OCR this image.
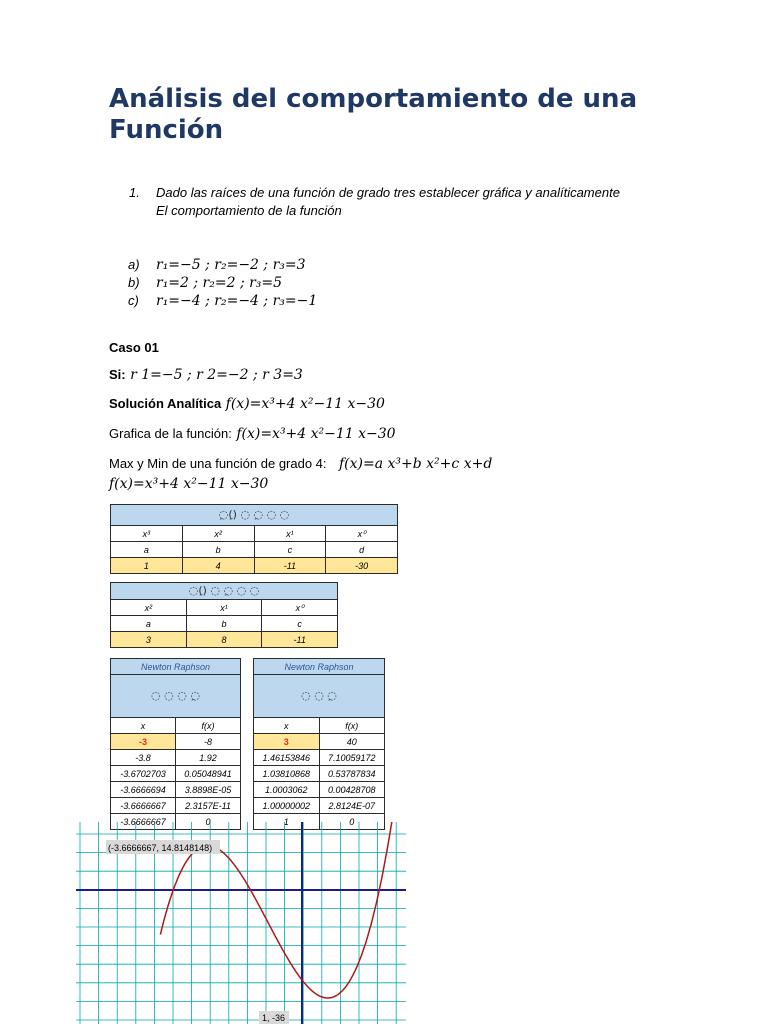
Análisis del comportamiento de una Función
1. Dado las raíces de una función de grado tres establecer gráfica y analíticamente
El comportamiento de la función
a)	r₁=−5 ; r₂=−2 ; r₃=3
b)	r₁=2 ; r₂=2 ; r₃=5
c)	r₁=−4 ; r₂=−4 ; r₃=−1
Caso 01
Si: r 1=−5 ; r 2=−2 ; r 3=3
Solución Analítica f(x)=x³+4 x²−11 x−30
Grafica de la función: f(x)=x³+4 x²−11 x−30
Max y Min de una función de grado 4: f(x)=a x³+b x²+c x+d
f(x)=x³+4 x²−11 x−30
◌ِ(ِ) ◌ ◌ِ ◌ ◌			
x³	x²	x¹	x⁰
a	b	c	d
1	4	-11	-30
◌(ِ) ◌ ◌ِ ◌ ◌		
x²	x¹	x⁰
a	b	c
3	8	-11
Newton Raphson	
◌ ◌ ◌ ◌ِ	
x	f(x)
-3	-8
-3.8	1.92
-3.6702703	0.05048941
-3.6666694	3.8898E-05
-3.6666667	2.3157E-11
-3.6666667	0
Newton Raphson	
◌ ◌ ◌ِ	
x	f(x)
3	40
1.46153846	7.10059172
1.03810868	0.53787834
1.0003062	0.00428708
1.00000002	2.8124E-07
1	0
(-3.6666667, 14.8148148)
1, -36
